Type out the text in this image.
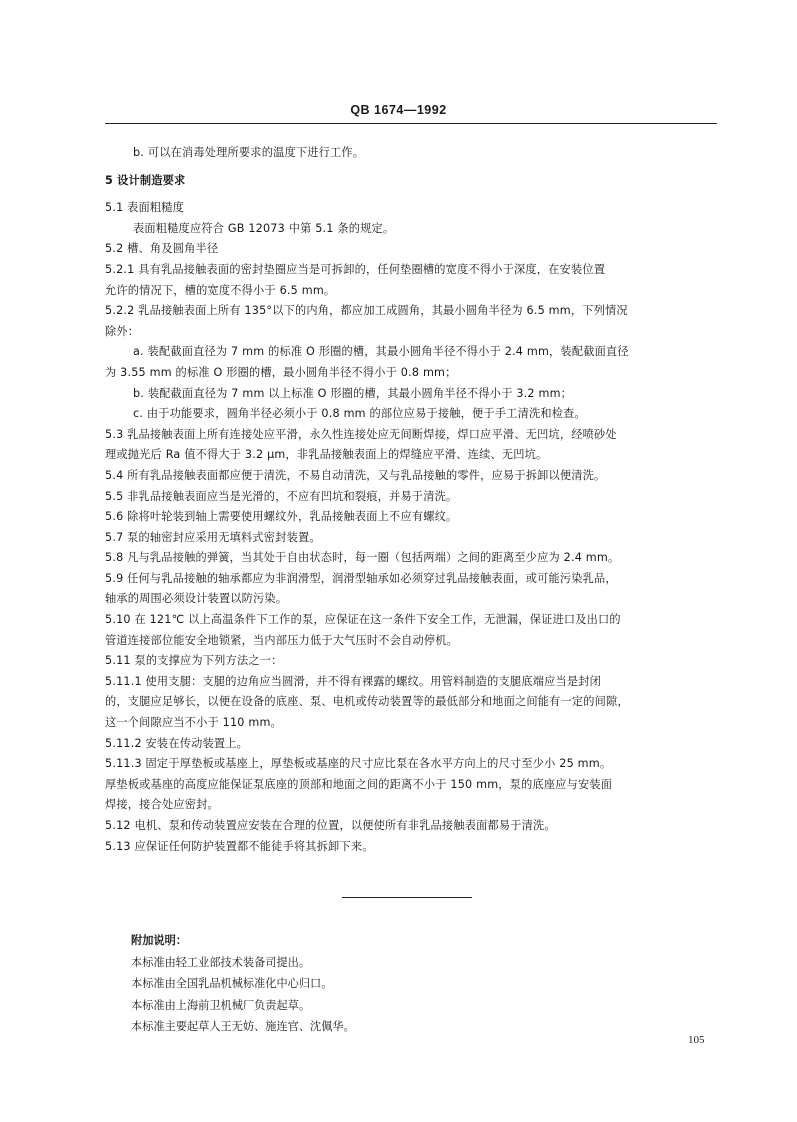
QB 1674—1992

b. 可以在消毒处理所要求的温度下进行工作。

5 设计制造要求

5.1 表面粗糙度

表面粗糙度应符合 GB 12073 中第 5.1 条的规定。

5.2 槽、角及圆角半径

5.2.1 具有乳品接触表面的密封垫圈应当是可拆卸的，任何垫圈槽的宽度不得小于深度，在安装位置

允许的情况下，槽的宽度不得小于 6.5 mm。

5.2.2 乳品接触表面上所有 135°以下的内角，都应加工成圆角，其最小圆角半径为 6.5 mm，下列情况

除外：

a. 装配截面直径为 7 mm 的标准 O 形圈的槽，其最小圆角半径不得小于 2.4 mm，装配截面直径

为 3.55 mm 的标准 O 形圈的槽，最小圆角半径不得小于 0.8 mm；

b. 装配截面直径为 7 mm 以上标准 O 形圈的槽，其最小圆角半径不得小于 3.2 mm；

c. 由于功能要求，圆角半径必须小于 0.8 mm 的部位应易于接触，便于手工清洗和检查。

5.3 乳品接触表面上所有连接处应平滑，永久性连接处应无间断焊接，焊口应平滑、无凹坑，经喷砂处

理或抛光后 Ra 值不得大于 3.2 μm，非乳品接触表面上的焊缝应平滑、连续、无凹坑。

5.4 所有乳品接触表面都应便于清洗，不易自动清洗，又与乳品接触的零件，应易于拆卸以便清洗。

5.5 非乳品接触表面应当是光滑的，不应有凹坑和裂痕，并易于清洗。

5.6 除将叶轮装到轴上需要使用螺纹外，乳品接触表面上不应有螺纹。

5.7 泵的轴密封应采用无填料式密封装置。

5.8 凡与乳品接触的弹簧，当其处于自由状态时，每一圈（包括两端）之间的距离至少应为 2.4 mm。

5.9 任何与乳品接触的轴承都应为非润滑型，润滑型轴承如必须穿过乳品接触表面，或可能污染乳品，

轴承的周围必须设计装置以防污染。

5.10 在 121℃ 以上高温条件下工作的泵，应保证在这一条件下安全工作，无泄漏，保证进口及出口的

管道连接部位能安全地锁紧，当内部压力低于大气压时不会自动停机。

5.11 泵的支撑应为下列方法之一：

5.11.1 使用支腿：支腿的边角应当圆滑，并不得有裸露的螺纹。用管料制造的支腿底端应当是封闭

的，支腿应足够长，以便在设备的底座、泵、电机或传动装置等的最低部分和地面之间能有一定的间隙，

这一个间隙应当不小于 110 mm。

5.11.2 安装在传动装置上。

5.11.3 固定于厚垫板或基座上，厚垫板或基座的尺寸应比泵在各水平方向上的尺寸至少小 25 mm。

厚垫板或基座的高度应能保证泵底座的顶部和地面之间的距离不小于 150 mm，泵的底座应与安装面

焊接，接合处应密封。

5.12 电机、泵和传动装置应安装在合理的位置，以便使所有非乳品接触表面都易于清洗。

5.13 应保证任何防护装置都不能徒手将其拆卸下来。

附加说明：
本标准由轻工业部技术装备司提出。
本标准由全国乳品机械标准化中心归口。
本标准由上海前卫机械厂负责起草。
本标准主要起草人王无妨、施连官、沈佩华。
105
